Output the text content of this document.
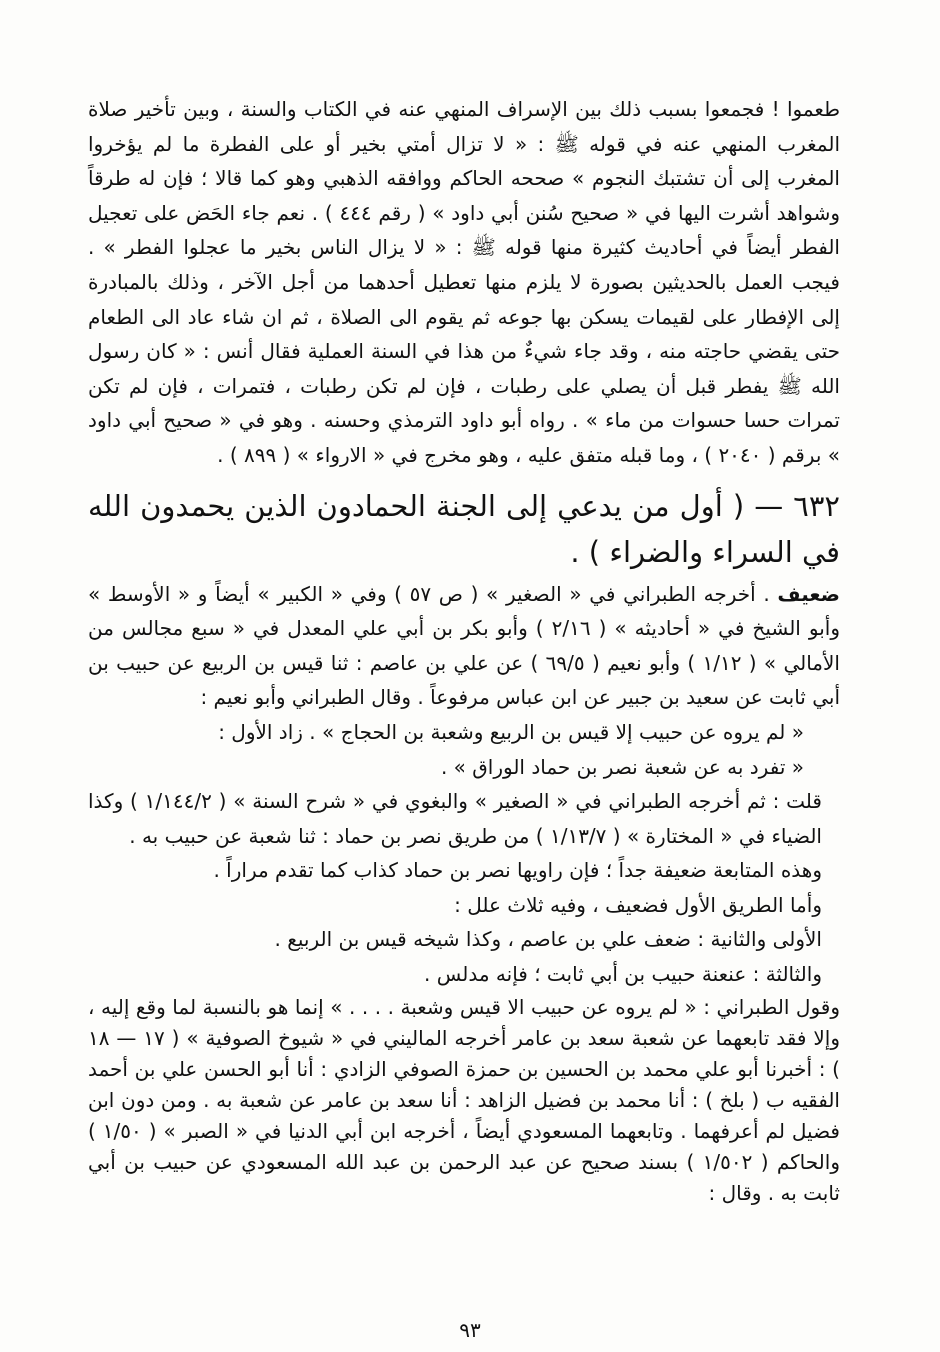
طعموا ! فجمعوا بسبب ذلك بين الإسراف المنهي عنه في الكتاب والسنة ، وبين تأخير صلاة المغرب المنهي عنه في قوله ﷺ : « لا تزال أمتي بخير أو على الفطرة ما لم يؤخروا المغرب إلى أن تشتبك النجوم » صححه الحاكم ووافقه الذهبي وهو كما قالا ؛ فإن له طرقاً وشواهد أشرت اليها في « صحيح سُنن أبي داود » ( رقم ٤٤٤ ) . نعم جاء الحَض على تعجيل الفطر أيضاً في أحاديث كثيرة منها قوله ﷺ : « لا يزال الناس بخير ما عجلوا الفطر » . فيجب العمل بالحديثين بصورة لا يلزم منها تعطيل أحدهما من أجل الآخر ، وذلك بالمبادرة إلى الإفطار على لقيمات يسكن بها جوعه ثم يقوم الى الصلاة ، ثم ان شاء عاد الى الطعام حتى يقضي حاجته منه ، وقد جاء شيءٌ من هذا في السنة العملية فقال أنس : « كان رسول الله ﷺ يفطر قبل أن يصلي على رطبات ، فإن لم تكن رطبات ، فتمرات ، فإن لم تكن تمرات حسا حسوات من ماء » . رواه أبو داود الترمذي وحسنه . وهو في « صحيح أبي داود » برقم ( ٢٠٤٠ ) ، وما قبله متفق عليه ، وهو مخرج في « الارواء » ( ٨٩٩ ) .

٦٣٢ — ( أول من يدعي إلى الجنة الحمادون الذين يحمدون الله في السراء والضراء ) .

ضعيف . أخرجه الطبراني في « الصغير » ( ص ٥٧ ) وفي « الكبير » أيضاً و « الأوسط » وأبو الشيخ في « أحاديثه » ( ٢/١٦ ) وأبو بكر بن أبي علي المعدل في « سبع مجالس من الأمالي » ( ١/١٢ ) وأبو نعيم ( ٦٩/٥ ) عن علي بن عاصم : ثنا قيس بن الربيع عن حبيب بن أبي ثابت عن سعيد بن جبير عن ابن عباس مرفوعاً . وقال الطبراني وأبو نعيم :

« لم يروه عن حبيب إلا قيس بن الربيع وشعبة بن الحجاج » . زاد الأول :

« تفرد به عن شعبة نصر بن حماد الوراق » .

قلت : ثم أخرجه الطبراني في « الصغير » والبغوي في « شرح السنة » ( ١/١٤٤/٢ ) وكذا الضياء في « المختارة » ( ١/١٣/٧ ) من طريق نصر بن حماد : ثنا شعبة عن حبيب به .

وهذه المتابعة ضعيفة جداً ؛ فإن راويها نصر بن حماد كذاب كما تقدم مراراً .

وأما الطريق الأول فضعيف ، وفيه ثلاث علل :

الأولى والثانية : ضعف علي بن عاصم ، وكذا شيخه قيس بن الربيع .

والثالثة : عنعنة حبيب بن أبي ثابت ؛ فإنه مدلس .

وقول الطبراني : « لم يروه عن حبيب الا قيس وشعبة . . . . » إنما هو بالنسبة لما وقع إليه ، وإلا فقد تابعهما عن شعبة سعد بن عامر أخرجه الماليني في « شيوخ الصوفية » ( ١٧ — ١٨ ) : أخبرنا أبو علي محمد بن الحسين بن حمزة الصوفي الزادي : أنا أبو الحسن علي بن أحمد الفقيه ب ( بلخ ) : أنا محمد بن فضيل الزاهد : أنا سعد بن عامر عن شعبة به . ومن دون ابن فضيل لم أعرفهما . وتابعهما المسعودي أيضاً ، أخرجه ابن أبي الدنيا في « الصبر » ( ١/٥٠ ) والحاكم ( ١/٥٠٢ ) بسند صحيح عن عبد الرحمن بن عبد الله المسعودي عن حبيب بن أبي ثابت به . وقال :

٩٣
